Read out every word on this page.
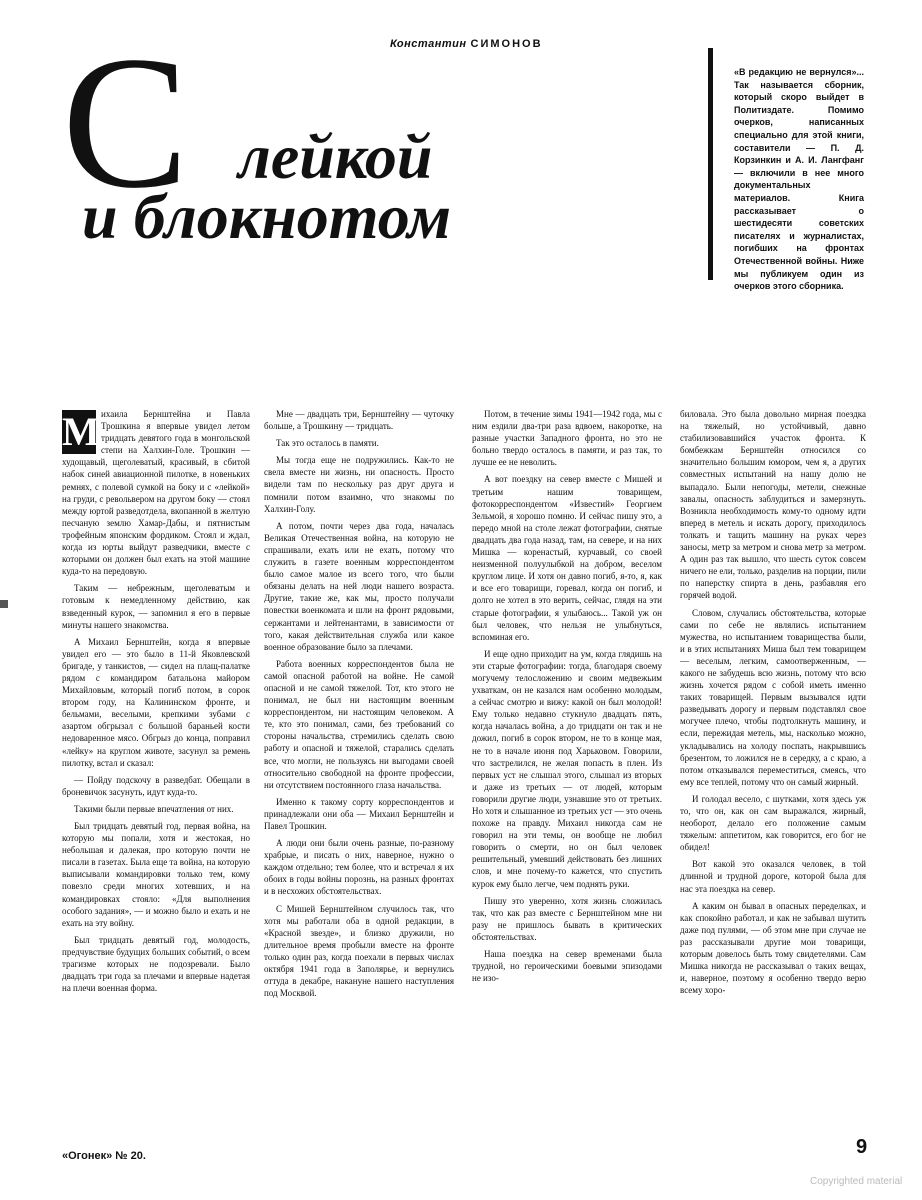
Константин СИМОНОВ
С лейкой
и блокнотом
«В редакцию не вернулся»... Так называется сборник, который скоро выйдет в Политиздате. Помимо очерков, написанных специально для этой книги, составители — П. Д. Корзинкин и А. И. Лангфанг — включили в нее много документальных материалов. Книга рассказывает о шестидесяти советских писателях и журналистах, погибших на фронтах Отечественной войны. Ниже мы публикуем один из очерков этого сборника.
М ихаила Бернштейна и Павла Трошкина я впервые увидел летом тридцать девятого года в монгольской степи на Халхин-Голе. Трошкин — худощавый, щеголеватый, красивый, в сбитой набок синей авиационной пилотке, в новеньких ремнях, с полевой сумкой на боку и с «лейкой» на груди, с револьвером на другом боку — стоял между юртой разведотдела, вкопанной в желтую песчаную землю Хамар-Дабы, и пятнистым трофейным японским фордиком. Стоял и ждал, когда из юрты выйдут разведчики, вместе с которыми он должен был ехать на этой машине куда-то на передовую.

Таким — небрежным, щеголеватым и готовым к немедленному действию, как взведенный курок, — запомнил я его в первые минуты нашего знакомства.

А Михаил Бернштейн, когда я впервые увидел его — это было в 11-й Яковлевской бригаде, у танкистов, — сидел на плащ-палатке рядом с командиром батальона майором Михайловым, который погиб потом, в сорок втором году, на Калининском фронте, и бельмами, веселыми, крепкими зубами с азартом обгрызал с большой бараньей кости недоваренное мясо. Обгрыз до конца, поправил «лейку» на круглом животе, засунул за ремень пилотку, встал и сказал:

— Пойду подскочу в разведбат. Обещали в броневичок засунуть, идут куда-то.

Такими были первые впечатления от них.

Был тридцать девятый год, первая война, на которую мы попали, хотя и жестокая, но небольшая и далекая, про которую почти не писали в газетах. Была еще та война, на которую выписывали командировки только тем, кому повезло среди многих хотевших, и на командировках стояло: «Для выполнения особого задания», — и можно было и ехать и не ехать на эту войну.

Был тридцать девятый год, молодость, предчувствие будущих больших событий, о всем трагизме которых не подозревали. Было двадцать три года за плечами и впервые надетая на плечи военная форма.

Мне — двадцать три, Бернштейну — чуточку больше, а Трошкину — тридцать.

Так это осталось в памяти.

Мы тогда еще не подружились. Как-то не свела вместе ни жизнь, ни опасность. Просто видели там по нескольку раз друг друга и помнили потом взаимно, что знакомы по Халхин-Голу.

А потом, почти через два года, началась Великая Отечественная война, на которую не спрашивали, ехать или не ехать, потому что служить в газете военным корреспондентом было самое малое из всего того, что были обязаны делать на ней люди нашего возраста. Другие, такие же, как мы, просто получали повестки военкомата и шли на фронт рядовыми, сержантами и лейтенантами, в зависимости от того, какая действительная служба или какое военное образование было за плечами.

Работа военных корреспондентов была не самой опасной работой на войне. Не самой опасной и не самой тяжелой. Тот, кто этого не понимал, не был ни настоящим военным корреспондентом, ни настоящим человеком. А те, кто это понимал, сами, без требований со стороны начальства, стремились сделать свою работу и опасной и тяжелой, старались сделать все, что могли, не пользуясь ни выгодами своей относительно свободной на фронте профессии, ни отсутствием постоянного глаза начальства.

Именно к такому сорту корреспондентов и принадлежали они оба — Михаил Бернштейн и Павел Трошкин.

А люди они были очень разные, по-разному храбрые, и писать о них, наверное, нужно о каждом отдельно; тем более, что и встречал я их обоих в годы войны порознь, на разных фронтах и в несхожих обстоятельствах.

С Мишей Бернштейном случилось так, что хотя мы работали оба в одной редакции, в «Красной звезде», и близко дружили, но длительное время пробыли вместе на фронте только один раз, когда поехали в первых числах октября 1941 года в Заполярье, и вернулись оттуда в декабре, накануне нашего наступления под Москвой.

Потом, в течение зимы 1941—1942 года, мы с ним ездили два-три раза вдвоем, накоротке, на разные участки Западного фронта, но это не больно твердо осталось в памяти, и раз так, то лучше ее не неволить.

А вот поездку на север вместе с Мишей и третьим нашим товарищем, фотокорреспондентом «Известий» Георгием Зельмой, я хорошо помню. И сейчас пишу это, а передо мной на столе лежат фотографии, снятые двадцать два года назад, там, на севере, и на них Мишка — коренастый, курчавый, со своей неизменной полуулыбкой на добром, веселом круглом лице. И хотя он давно погиб, я-то, я, как и все его товарищи, горевал, когда он погиб, и долго не хотел в это верить, сейчас, глядя на эти старые фотографии, я улыбаюсь... Такой уж он был человек, что нельзя не улыбнуться, вспоминая его.

И еще одно приходит на ум, когда глядишь на эти старые фотографии: тогда, благодаря своему могучему телосложению и своим медвежьим ухваткам, он не казался нам особенно молодым, а сейчас смотрю и вижу: какой он был молодой! Ему только недавно стукнуло двадцать пять, когда началась война, а до тридцати он так и не дожил, погиб в сорок втором, не то в конце мая, не то в начале июня под Харьковом. Говорили, что застрелился, не желая попасть в плен. Из первых уст не слышал этого, слышал из вторых и даже из третьих — от людей, которым говорили другие люди, узнавшие это от третьих. Но хотя и слышанное из третьих уст — это очень похоже на правду. Михаил никогда сам не говорил на эти темы, он вообще не любил говорить о смерти, но он был человек решительный, умевший действовать без лишних слов, и мне почему-то кажется, что спустить курок ему было легче, чем поднять руки.

Пишу это уверенно, хотя жизнь сложилась так, что как раз вместе с Бернштейном мне ни разу не пришлось бывать в критических обстоятельствах.

Наша поездка на север временами была трудной, но героическими боевыми эпизодами не изо-

биловала. Это была довольно мирная поездка на тяжелый, но устойчивый, давно стабилизовавшийся участок фронта. К бомбежкам Бернштейн относился со значительно большим юмором, чем я, а других совместных испытаний на нашу долю не выпадало. Были непогоды, метели, снежные завалы, опасность заблудиться и замерзнуть. Возникла необходимость кому-то одному идти вперед в метель и искать дорогу, приходилось толкать и тащить машину на руках через заносы, метр за метром и снова метр за метром. А один раз так вышло, что шесть суток совсем ничего не ели, только, разделив на порции, пили по наперстку спирта в день, разбавляя его горячей водой.

Словом, случались обстоятельства, которые сами по себе не являлись испытанием мужества, но испытанием товарищества были, и в этих испытаниях Миша был тем товарищем — веселым, легким, самоотверженным, — какого не забудешь всю жизнь, потому что всю жизнь хочется рядом с собой иметь именно таких товарищей. Первым вызывался идти разведывать дорогу и первым подставлял свое могучее плечо, чтобы подтолкнуть машину, и если, пережидая метель, мы, насколько можно, укладывались на холоду поспать, накрывшись брезентом, то ложился не в середку, а с краю, а потом отказывался переместиться, смеясь, что ему все теплей, потому что он самый жирный.

И голодал весело, с шутками, хотя здесь уж то, что он, как он сам выражался, жирный, необорот, делало его положение самым тяжелым: аппетитом, как говорится, его бог не обидел!

Вот какой это оказался человек, в той длинной и трудной дороге, которой была для нас эта поездка на север.

А каким он бывал в опасных переделках, и как спокойно работал, и как не забывал шутить даже под пулями, — об этом мне при случае не раз рассказывали другие мои товарищи, которым довелось быть тому свидетелями. Сам Мишка никогда не рассказывал о таких вещах, и, наверное, поэтому я особенно твердо верю всему хоро-

«Огонек» № 20.	9
Copyrighted material
